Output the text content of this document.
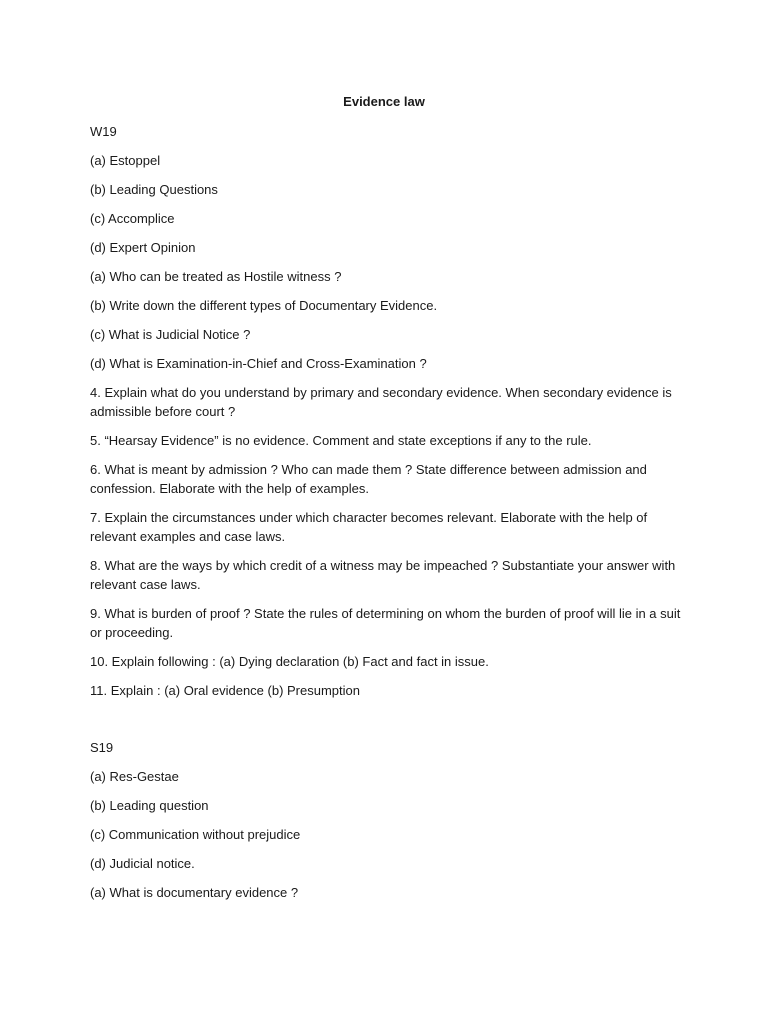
Evidence law
W19
(a) Estoppel
(b) Leading Questions
(c) Accomplice
(d) Expert Opinion
(a) Who can be treated as Hostile witness ?
(b) Write down the different types of Documentary Evidence.
(c) What is Judicial Notice ?
(d) What is Examination-in-Chief and Cross-Examination ?
4. Explain what do you understand by primary and secondary evidence. When secondary evidence is admissible before court ?
5. “Hearsay Evidence” is no evidence. Comment and state exceptions if any to the rule.
6. What is meant by admission ? Who can made them ? State difference between admission and confession. Elaborate with the help of examples.
7. Explain the circumstances under which character becomes relevant. Elaborate with the help of relevant examples and case laws.
8. What are the ways by which credit of a witness may be impeached ? Substantiate your answer with relevant case laws.
9. What is burden of proof ? State the rules of determining on whom the burden of proof will lie in a suit or proceeding.
10. Explain following : (a) Dying declaration (b) Fact and fact in issue.
11. Explain : (a) Oral evidence (b) Presumption
S19
(a) Res-Gestae
(b) Leading question
(c) Communication without prejudice
(d) Judicial notice.
(a) What is documentary evidence ?
